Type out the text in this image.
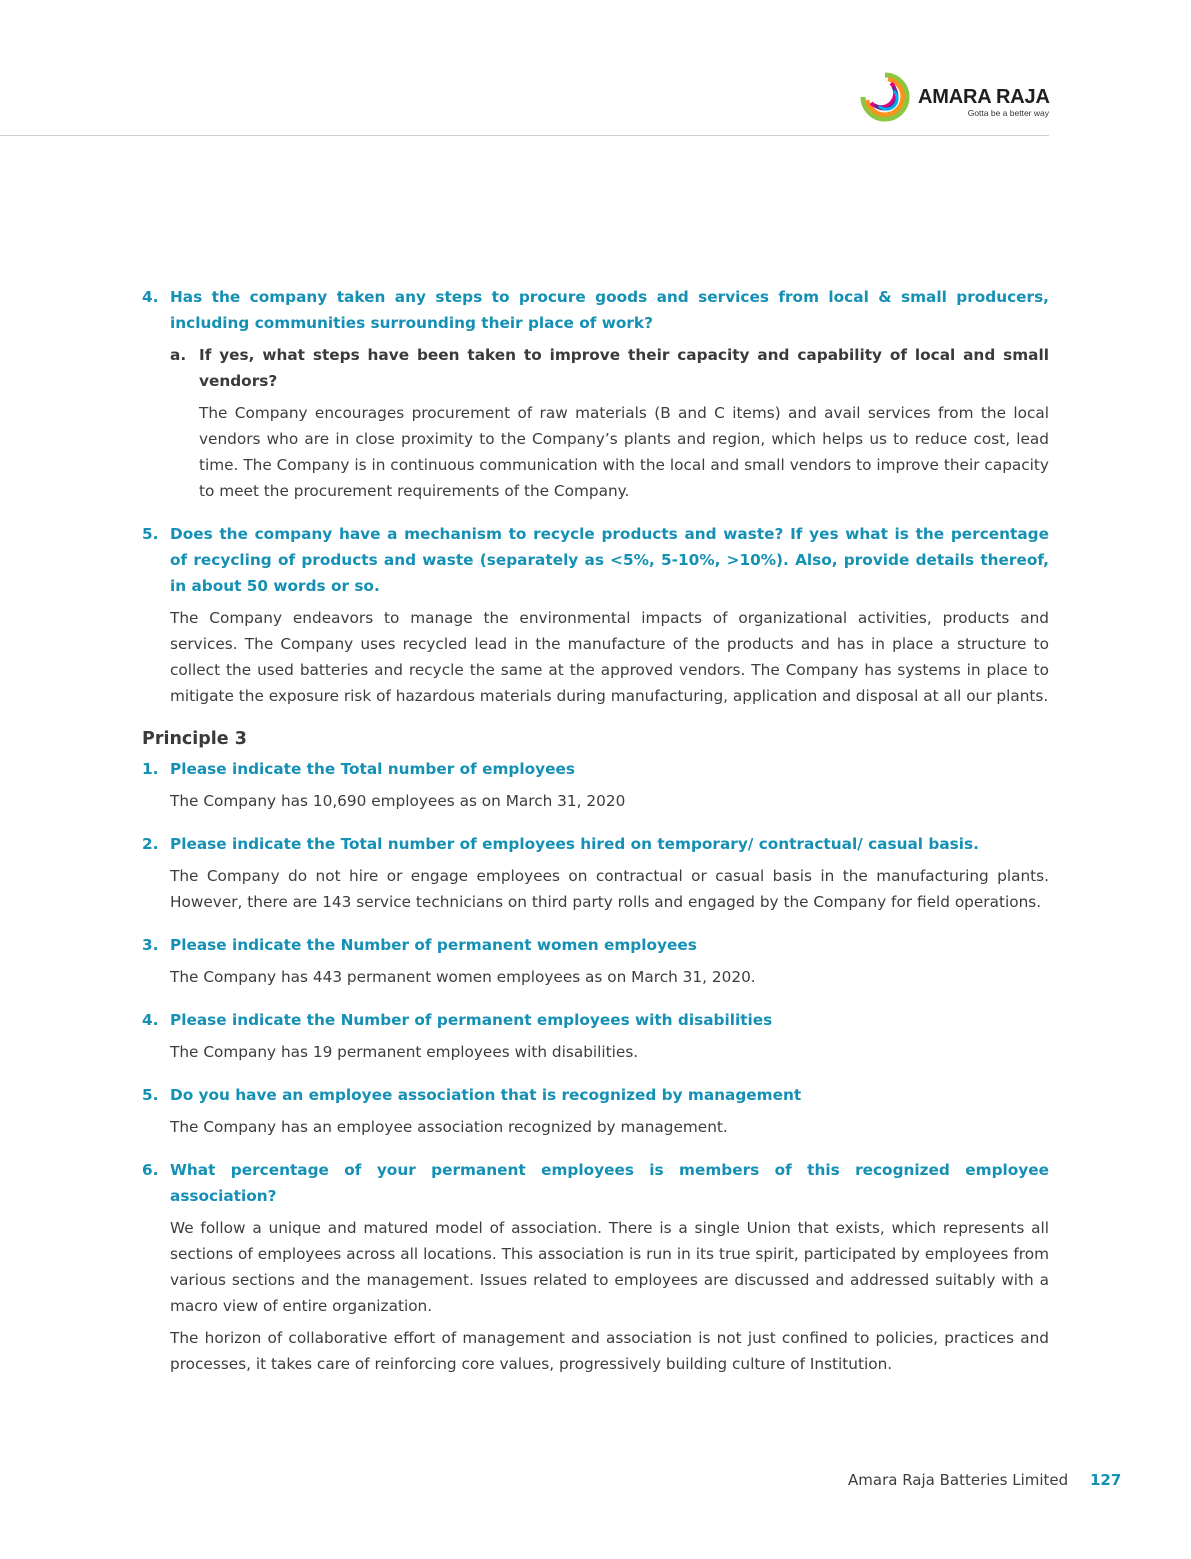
AMARA RAJA
Gotta be a better way
4. Has the company taken any steps to procure goods and services from local & small producers, including communities surrounding their place of work?
a. If yes, what steps have been taken to improve their capacity and capability of local and small vendors?
The Company encourages procurement of raw materials (B and C items) and avail services from the local vendors who are in close proximity to the Company’s plants and region, which helps us to reduce cost, lead time. The Company is in continuous communication with the local and small vendors to improve their capacity to meet the procurement requirements of the Company.
5. Does the company have a mechanism to recycle products and waste? If yes what is the percentage of recycling of products and waste (separately as <5%, 5-10%, >10%). Also, provide details thereof, in about 50 words or so.
The Company endeavors to manage the environmental impacts of organizational activities, products and services. The Company uses recycled lead in the manufacture of the products and has in place a structure to collect the used batteries and recycle the same at the approved vendors. The Company has systems in place to mitigate the exposure risk of hazardous materials during manufacturing, application and disposal at all our plants.
Principle 3
1. Please indicate the Total number of employees
The Company has 10,690 employees as on March 31, 2020
2. Please indicate the Total number of employees hired on temporary/ contractual/ casual basis.
The Company do not hire or engage employees on contractual or casual basis in the manufacturing plants. However, there are 143 service technicians on third party rolls and engaged by the Company for field operations.
3. Please indicate the Number of permanent women employees
The Company has 443 permanent women employees as on March 31, 2020.
4. Please indicate the Number of permanent employees with disabilities
The Company has 19 permanent employees with disabilities.
5. Do you have an employee association that is recognized by management
The Company has an employee association recognized by management.
6. What percentage of your permanent employees is members of this recognized employee association?
We follow a unique and matured model of association. There is a single Union that exists, which represents all sections of employees across all locations. This association is run in its true spirit, participated by employees from various sections and the management. Issues related to employees are discussed and addressed suitably with a macro view of entire organization.
The horizon of collaborative effort of management and association is not just confined to policies, practices and processes, it takes care of reinforcing core values, progressively building culture of Institution.
Amara Raja Batteries Limited 127
